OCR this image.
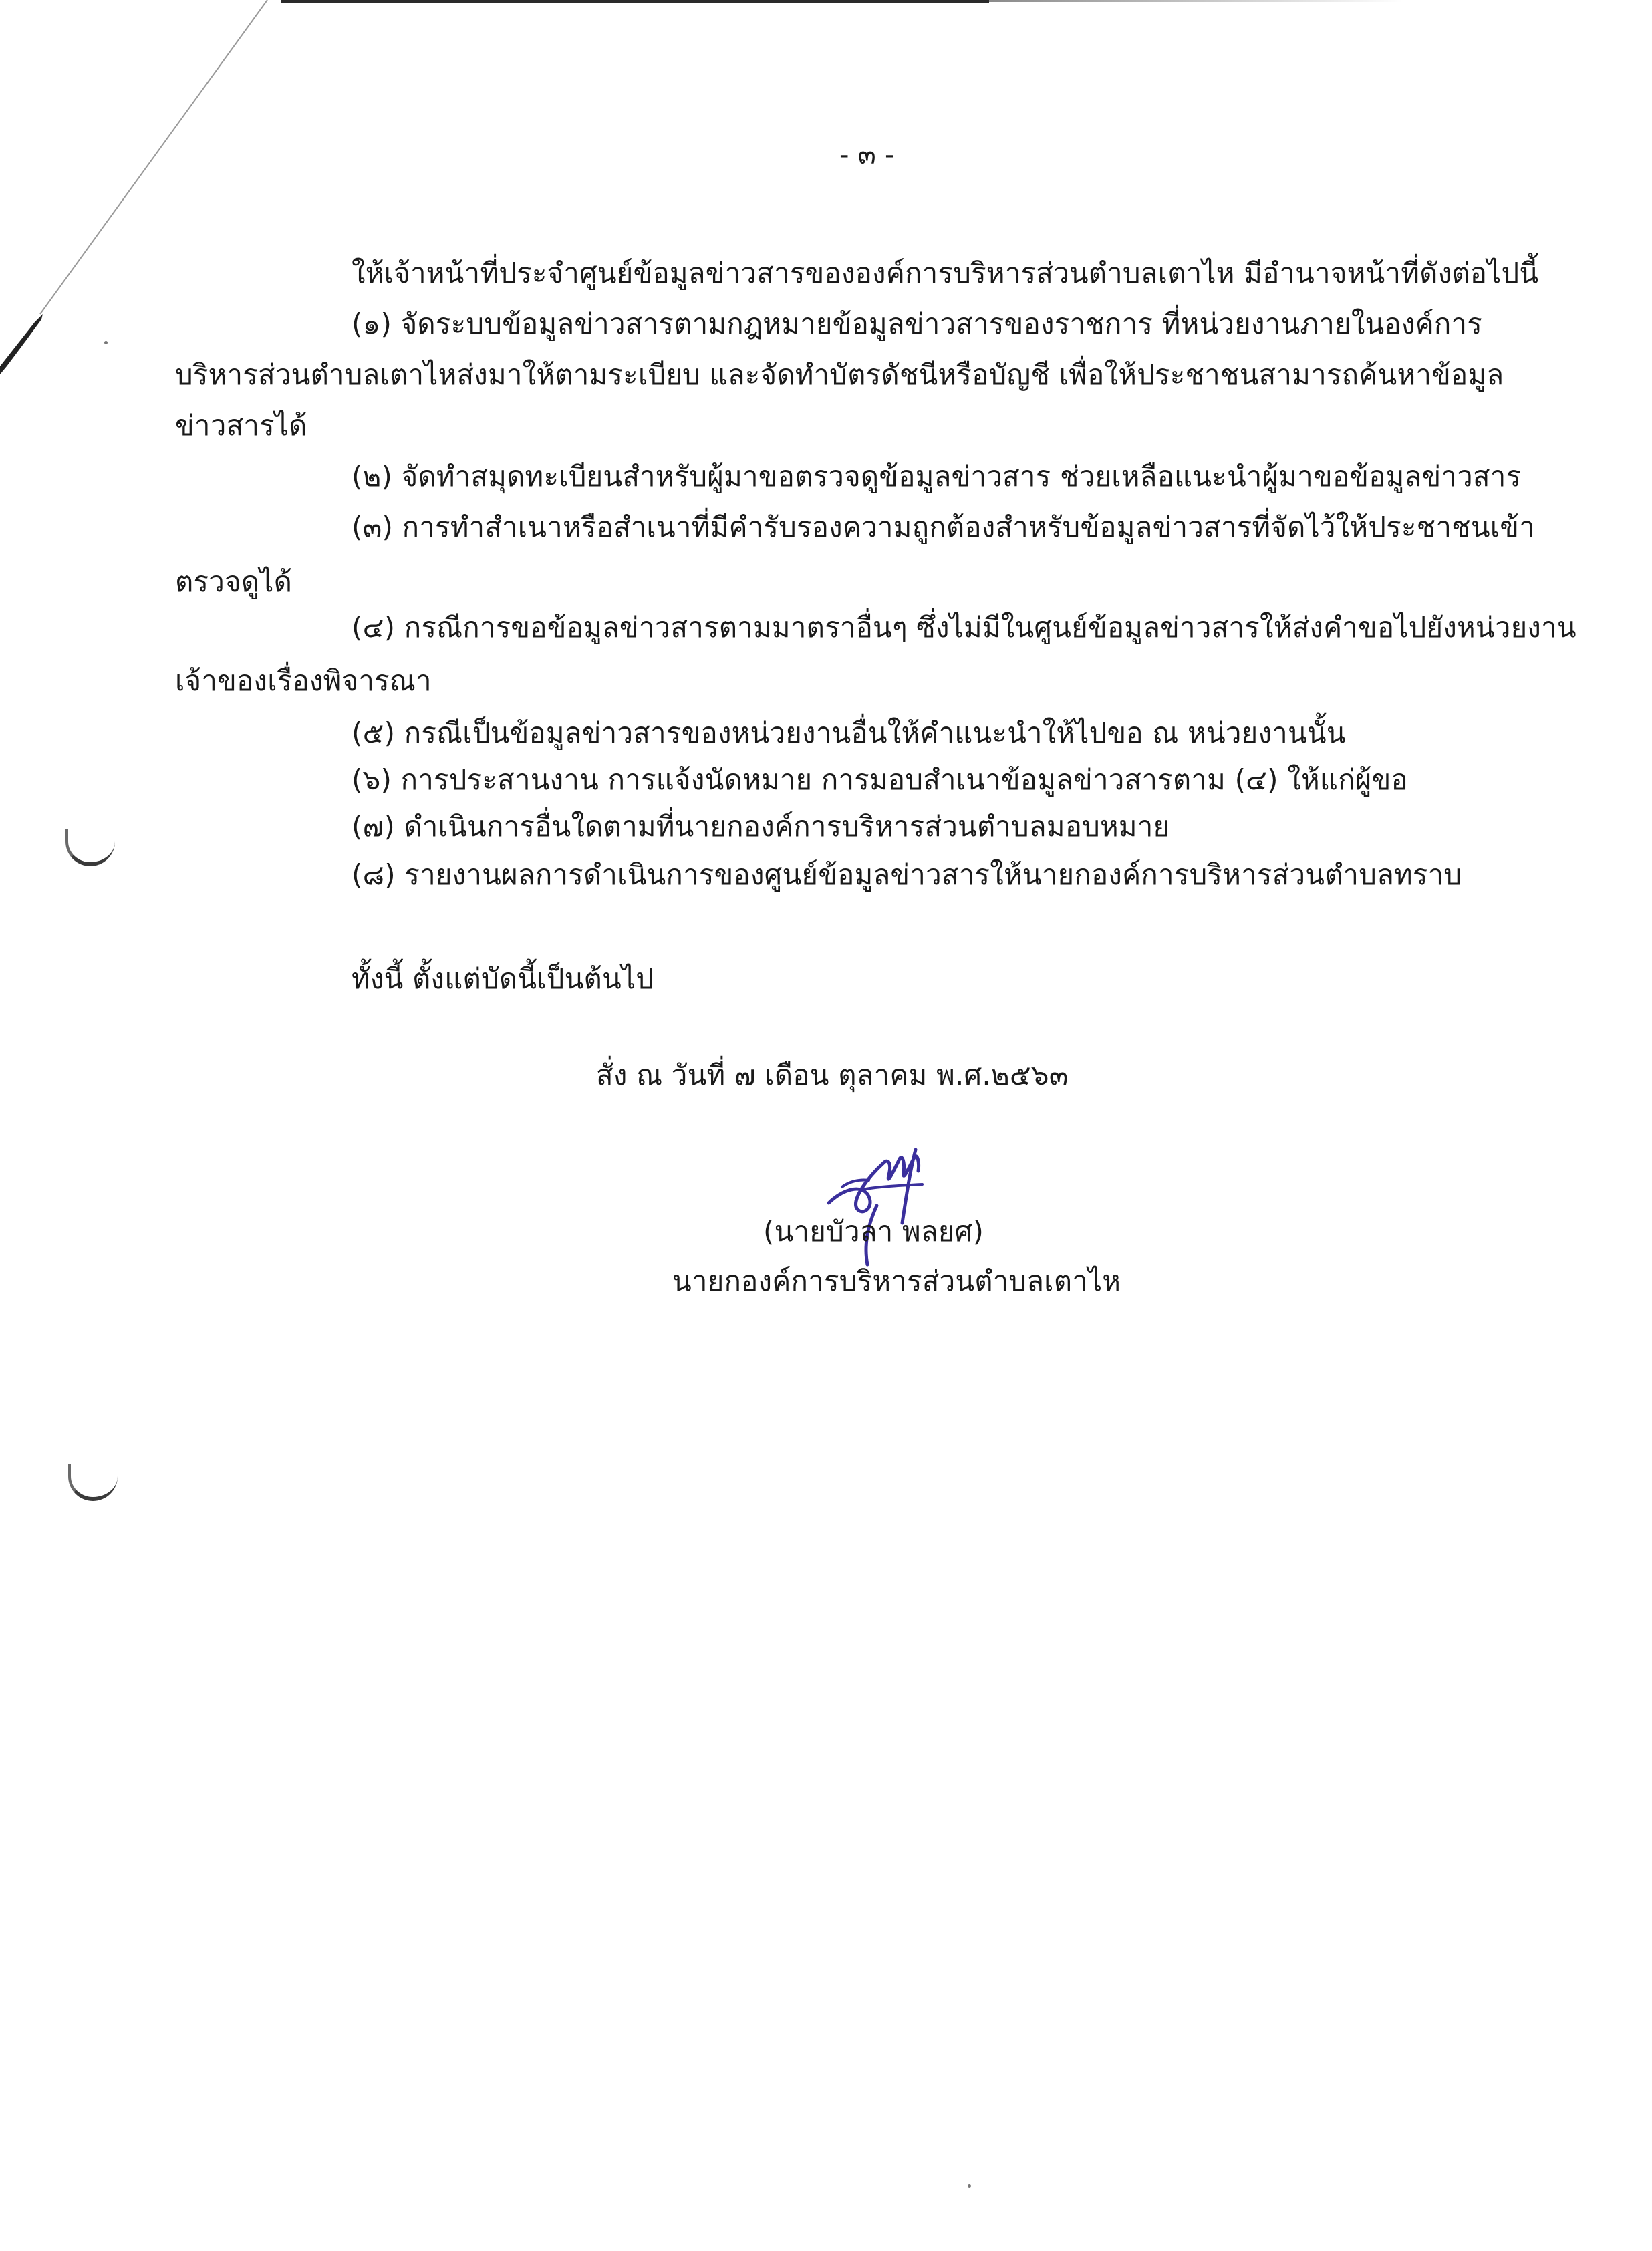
- ๓ -
ให้เจ้าหน้าที่ประจำศูนย์ข้อมูลข่าวสารขององค์การบริหารส่วนตำบลเตาไห มีอำนาจหน้าที่ดังต่อไปนี้
(๑) จัดระบบข้อมูลข่าวสารตามกฎหมายข้อมูลข่าวสารของราชการ ที่หน่วยงานภายในองค์การ
บริหารส่วนตำบลเตาไหส่งมาให้ตามระเบียบ และจัดทำบัตรดัชนีหรือบัญชี เพื่อให้ประชาชนสามารถค้นหาข้อมูล
ข่าวสารได้
(๒) จัดทำสมุดทะเบียนสำหรับผู้มาขอตรวจดูข้อมูลข่าวสาร ช่วยเหลือแนะนำผู้มาขอข้อมูลข่าวสาร
(๓) การทำสำเนาหรือสำเนาที่มีคำรับรองความถูกต้องสำหรับข้อมูลข่าวสารที่จัดไว้ให้ประชาชนเข้า
ตรวจดูได้
(๔) กรณีการขอข้อมูลข่าวสารตามมาตราอื่นๆ ซึ่งไม่มีในศูนย์ข้อมูลข่าวสารให้ส่งคำขอไปยังหน่วยงาน
เจ้าของเรื่องพิจารณา
(๕) กรณีเป็นข้อมูลข่าวสารของหน่วยงานอื่นให้คำแนะนำให้ไปขอ ณ หน่วยงานนั้น
(๖) การประสานงาน การแจ้งนัดหมาย การมอบสำเนาข้อมูลข่าวสารตาม (๔) ให้แก่ผู้ขอ
(๗) ดำเนินการอื่นใดตามที่นายกองค์การบริหารส่วนตำบลมอบหมาย
(๘) รายงานผลการดำเนินการของศูนย์ข้อมูลข่าวสารให้นายกองค์การบริหารส่วนตำบลทราบ
ทั้งนี้ ตั้งแต่บัดนี้เป็นต้นไป
สั่ง ณ วันที่ ๗ เดือน ตุลาคม พ.ศ.๒๕๖๓
(นายบัวลา พลยศ)
นายกองค์การบริหารส่วนตำบลเตาไห
